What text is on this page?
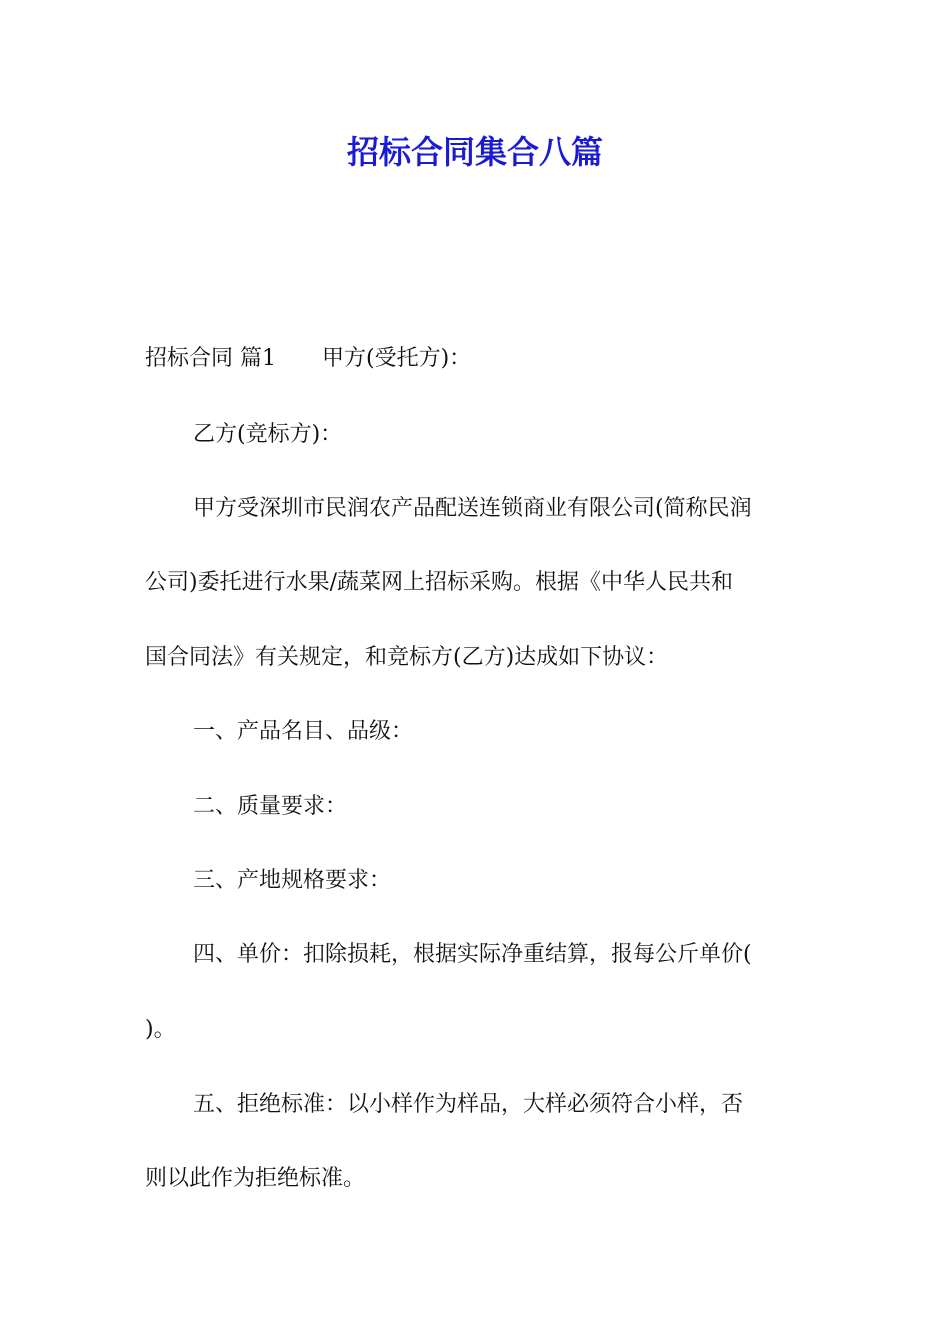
招标合同集合八篇

招标合同 篇1 甲方(受托方)：

乙方(竞标方)：

甲方受深圳市民润农产品配送连锁商业有限公司(简称民润

公司)委托进行水果/蔬菜网上招标采购。根据《中华人民共和

国合同法》有关规定，和竞标方(乙方)达成如下协议：

一、产品名目、品级：

二、质量要求：

三、产地规格要求：

四、单价：扣除损耗，根据实际净重结算，报每公斤单价(

)。

五、拒绝标准：以小样作为样品，大样必须符合小样，否

则以此作为拒绝标准。
